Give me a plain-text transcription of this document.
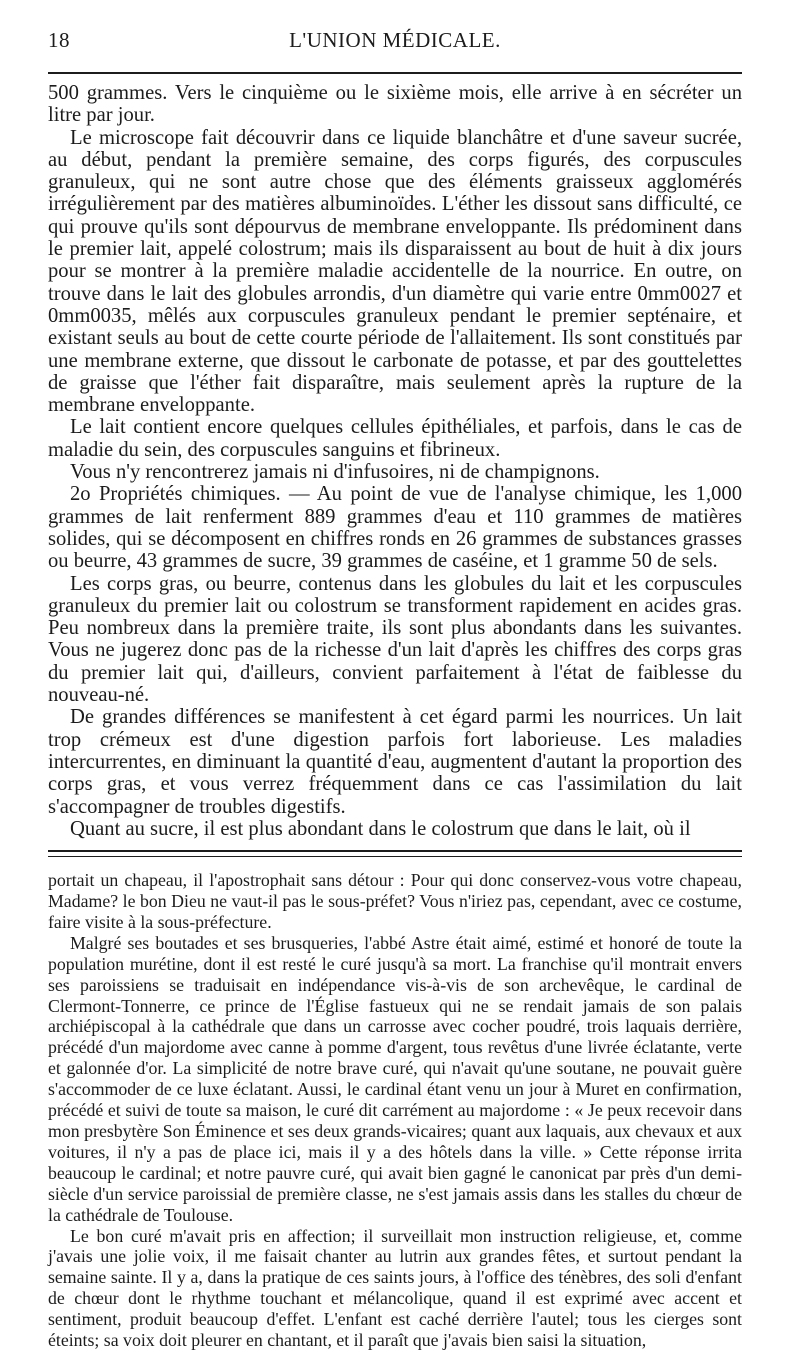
18	L'UNION MÉDICALE.

500 grammes. Vers le cinquième ou le sixième mois, elle arrive à en sécréter un litre par jour.

Le microscope fait découvrir dans ce liquide blanchâtre et d'une saveur sucrée, au début, pendant la première semaine, des corps figurés, des corpuscules granuleux, qui ne sont autre chose que des éléments graisseux agglomérés irrégulièrement par des matières albuminoïdes. L'éther les dissout sans difficulté, ce qui prouve qu'ils sont dépourvus de membrane enveloppante. Ils prédominent dans le premier lait, appelé colostrum; mais ils disparaissent au bout de huit à dix jours pour se montrer à la première maladie accidentelle de la nourrice. En outre, on trouve dans le lait des globules arrondis, d'un diamètre qui varie entre 0mm0027 et 0mm0035, mêlés aux corpuscules granuleux pendant le premier septénaire, et existant seuls au bout de cette courte période de l'allaitement. Ils sont constitués par une membrane externe, que dissout le carbonate de potasse, et par des gouttelettes de graisse que l'éther fait disparaître, mais seulement après la rupture de la membrane enveloppante.

Le lait contient encore quelques cellules épithéliales, et parfois, dans le cas de maladie du sein, des corpuscules sanguins et fibrineux.

Vous n'y rencontrerez jamais ni d'infusoires, ni de champignons.

2o Propriétés chimiques. — Au point de vue de l'analyse chimique, les 1,000 grammes de lait renferment 889 grammes d'eau et 110 grammes de matières solides, qui se décomposent en chiffres ronds en 26 grammes de substances grasses ou beurre, 43 grammes de sucre, 39 grammes de caséine, et 1 gramme 50 de sels.

Les corps gras, ou beurre, contenus dans les globules du lait et les corpuscules granuleux du premier lait ou colostrum se transforment rapidement en acides gras. Peu nombreux dans la première traite, ils sont plus abondants dans les suivantes. Vous ne jugerez donc pas de la richesse d'un lait d'après les chiffres des corps gras du premier lait qui, d'ailleurs, convient parfaitement à l'état de faiblesse du nouveau-né.

De grandes différences se manifestent à cet égard parmi les nourrices. Un lait trop crémeux est d'une digestion parfois fort laborieuse. Les maladies intercurrentes, en diminuant la quantité d'eau, augmentent d'autant la proportion des corps gras, et vous verrez fréquemment dans ce cas l'assimilation du lait s'accompagner de troubles digestifs.

Quant au sucre, il est plus abondant dans le colostrum que dans le lait, où il

portait un chapeau, il l'apostrophait sans détour : Pour qui donc conservez-vous votre chapeau, Madame? le bon Dieu ne vaut-il pas le sous-préfet? Vous n'iriez pas, cependant, avec ce costume, faire visite à la sous-préfecture.

Malgré ses boutades et ses brusqueries, l'abbé Astre était aimé, estimé et honoré de toute la population murétine, dont il est resté le curé jusqu'à sa mort. La franchise qu'il montrait envers ses paroissiens se traduisait en indépendance vis-à-vis de son archevêque, le cardinal de Clermont-Tonnerre, ce prince de l'Église fastueux qui ne se rendait jamais de son palais archiépiscopal à la cathédrale que dans un carrosse avec cocher poudré, trois laquais derrière, précédé d'un majordome avec canne à pomme d'argent, tous revêtus d'une livrée éclatante, verte et galonnée d'or. La simplicité de notre brave curé, qui n'avait qu'une soutane, ne pouvait guère s'accommoder de ce luxe éclatant. Aussi, le cardinal étant venu un jour à Muret en confirmation, précédé et suivi de toute sa maison, le curé dit carrément au majordome : « Je peux recevoir dans mon presbytère Son Éminence et ses deux grands-vicaires; quant aux laquais, aux chevaux et aux voitures, il n'y a pas de place ici, mais il y a des hôtels dans la ville. » Cette réponse irrita beaucoup le cardinal; et notre pauvre curé, qui avait bien gagné le canonicat par près d'un demi-siècle d'un service paroissial de première classe, ne s'est jamais assis dans les stalles du chœur de la cathédrale de Toulouse.

Le bon curé m'avait pris en affection; il surveillait mon instruction religieuse, et, comme j'avais une jolie voix, il me faisait chanter au lutrin aux grandes fêtes, et surtout pendant la semaine sainte. Il y a, dans la pratique de ces saints jours, à l'office des ténèbres, des soli d'enfant de chœur dont le rhythme touchant et mélancolique, quand il est exprimé avec accent et sentiment, produit beaucoup d'effet. L'enfant est caché derrière l'autel; tous les cierges sont éteints; sa voix doit pleurer en chantant, et il paraît que j'avais bien saisi la situation,
